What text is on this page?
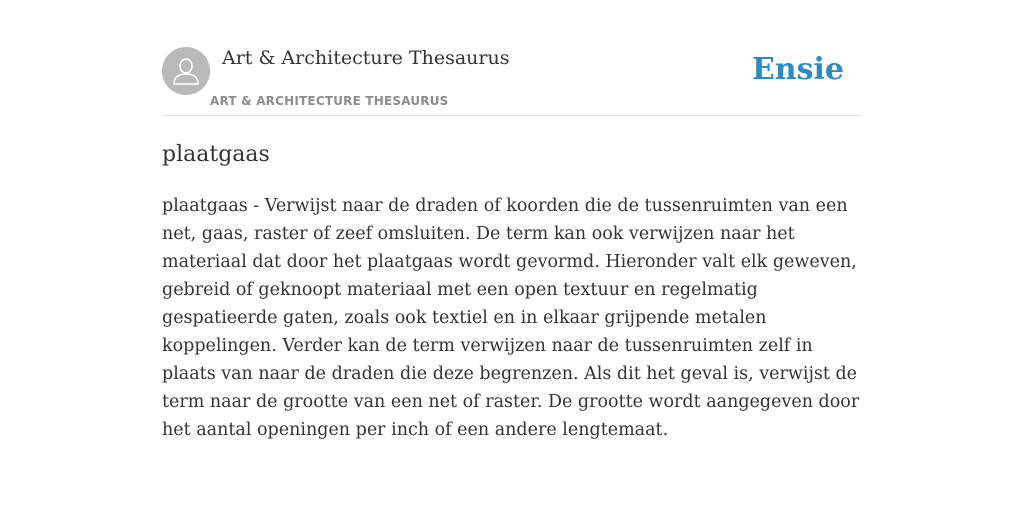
Art & Architecture Thesaurus
ART & ARCHITECTURE THESAURUS
Ensie
plaatgaas

plaatgaas - Verwijst naar de draden of koorden die de tussenruimten van een net, gaas, raster of zeef omsluiten. De term kan ook verwijzen naar het materiaal dat door het plaatgaas wordt gevormd. Hieronder valt elk geweven, gebreid of geknoopt materiaal met een open textuur en regelmatig gespatieerde gaten, zoals ook textiel en in elkaar grijpende metalen koppelingen. Verder kan de term verwijzen naar de tussenruimten zelf in plaats van naar de draden die deze begrenzen. Als dit het geval is, verwijst de term naar de grootte van een net of raster. De grootte wordt aangegeven door het aantal openingen per inch of een andere lengtemaat.
